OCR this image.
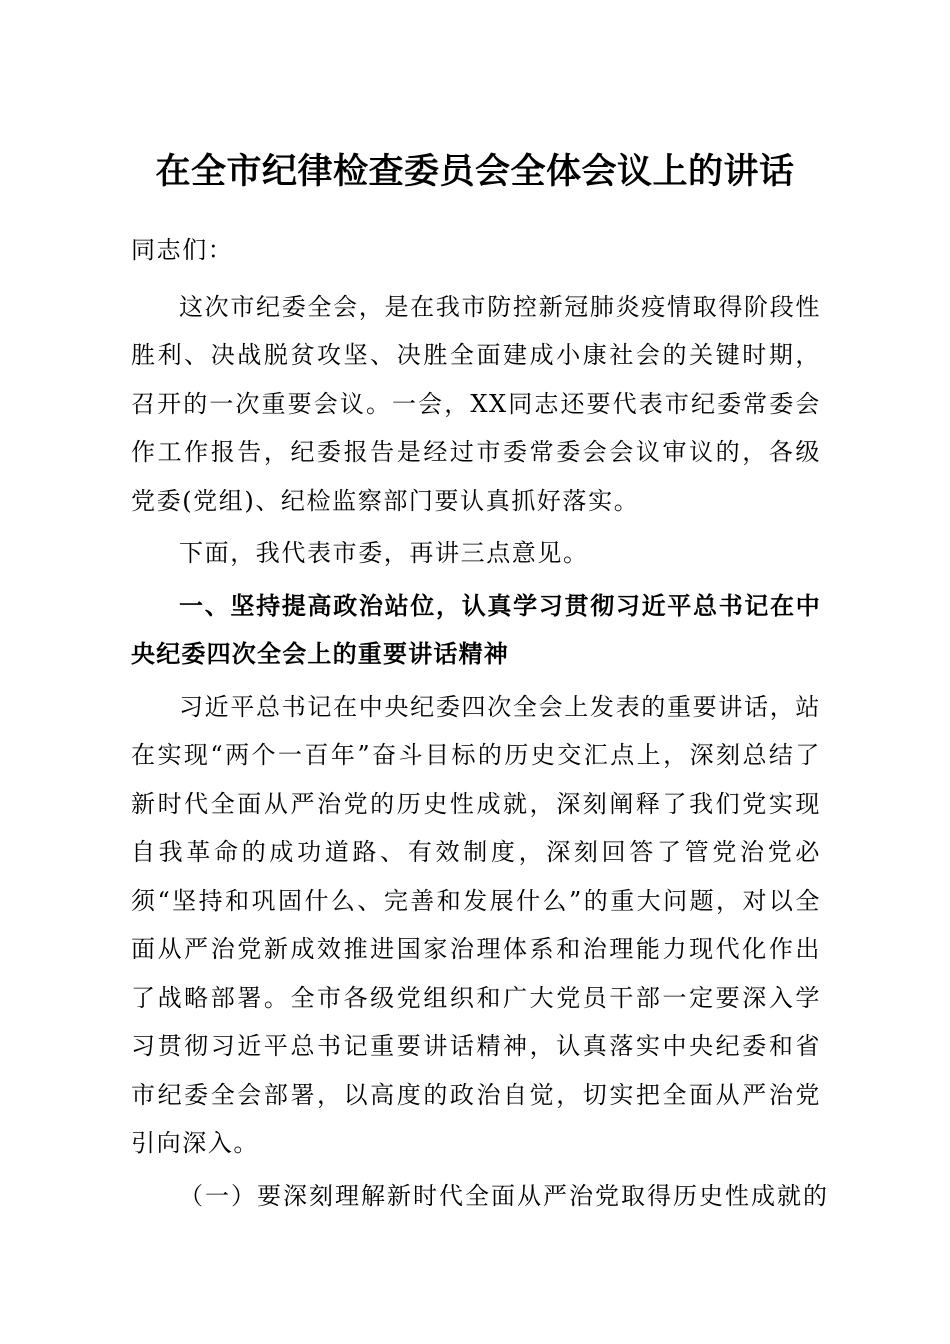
在全市纪律检查委员会全体会议上的讲话

同志们：

这次市纪委全会，是在我市防控新冠肺炎疫情取得阶段性胜利、决战脱贫攻坚、决胜全面建成小康社会的关键时期，召开的一次重要会议。一会，XX同志还要代表市纪委常委会作工作报告，纪委报告是经过市委常委会会议审议的，各级党委(党组)、纪检监察部门要认真抓好落实。

下面，我代表市委，再讲三点意见。

一、坚持提高政治站位，认真学习贯彻习近平总书记在中央纪委四次全会上的重要讲话精神

习近平总书记在中央纪委四次全会上发表的重要讲话，站在实现“两个一百年”奋斗目标的历史交汇点上，深刻总结了新时代全面从严治党的历史性成就，深刻阐释了我们党实现自我革命的成功道路、有效制度，深刻回答了管党治党必须“坚持和巩固什么、完善和发展什么”的重大问题，对以全面从严治党新成效推进国家治理体系和治理能力现代化作出了战略部署。全市各级党组织和广大党员干部一定要深入学习贯彻习近平总书记重要讲话精神，认真落实中央纪委和省市纪委全会部署，以高度的政治自觉，切实把全面从严治党引向深入。

（一）要深刻理解新时代全面从严治党取得历史性成就的
